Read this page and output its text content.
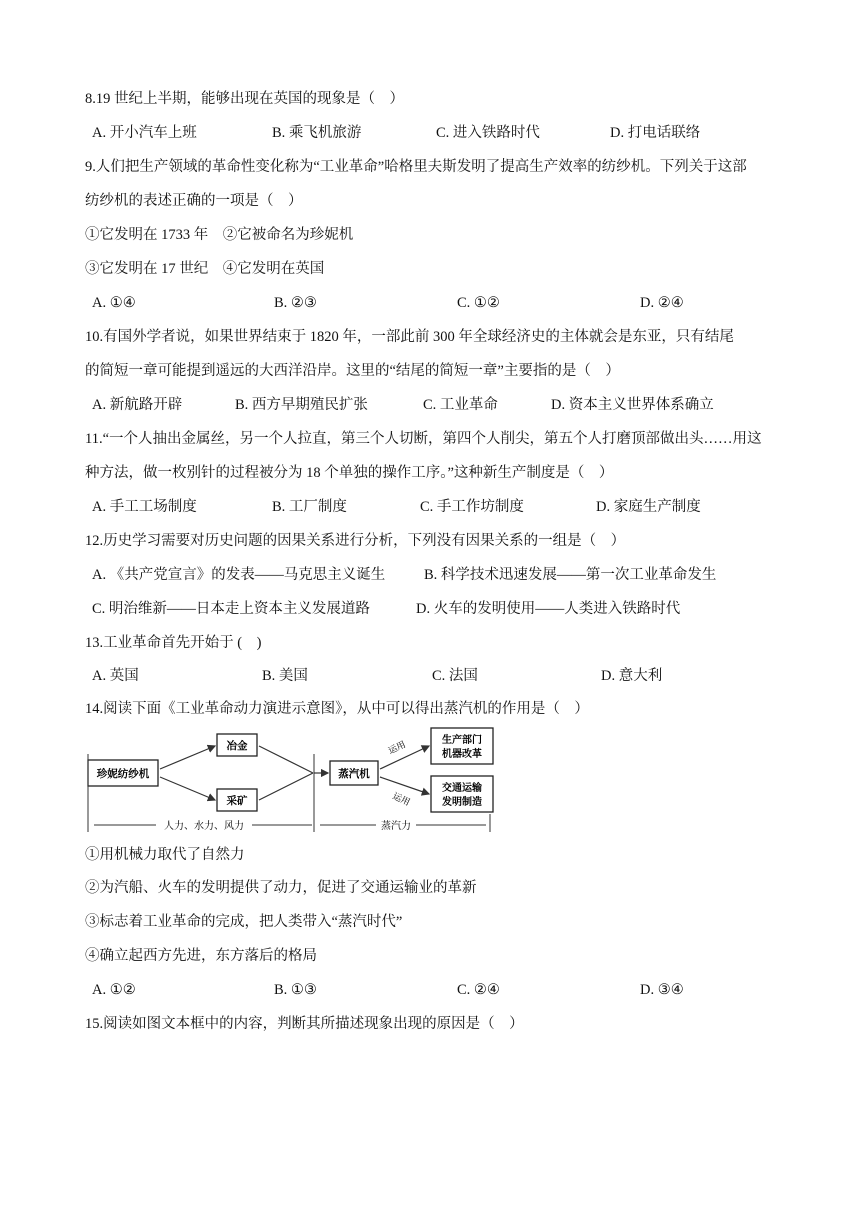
8.19 世纪上半期，能够出现在英国的现象是（　）
A. 开小汽车上班	B. 乘飞机旅游	C. 进入铁路时代	D. 打电话联络
9.人们把生产领域的革命性变化称为“工业革命”哈格里夫斯发明了提高生产效率的纺纱机。下列关于这部
纺纱机的表述正确的一项是（　）
①它发明在 1733 年　②它被命名为珍妮机
③它发明在 17 世纪　④它发明在英国
A. ①④	B. ②③	C. ①②	D. ②④
10.有国外学者说，如果世界结束于 1820 年，一部此前 300 年全球经济史的主体就会是东亚，只有结尾
的简短一章可能提到遥远的大西洋沿岸。这里的“结尾的简短一章”主要指的是（　）
A. 新航路开辟	B. 西方早期殖民扩张	C. 工业革命	D. 资本主义世界体系确立
11.“一个人抽出金属丝，另一个人拉直，第三个人切断，第四个人削尖，第五个人打磨顶部做出头……用这
种方法，做一枚别针的过程被分为 18 个单独的操作工序。”这种新生产制度是（　）
A. 手工工场制度	B. 工厂制度	C. 手工作坊制度	D. 家庭生产制度
12.历史学习需要对历史问题的因果关系进行分析，下列没有因果关系的一组是（　）
A. 《共产党宣言》的发表——马克思主义诞生	B. 科学技术迅速发展——第一次工业革命发生
C. 明治维新——日本走上资本主义发展道路	D. 火车的发明使用——人类进入铁路时代
13.工业革命首先开始于 (　)
A. 英国	B. 美国	C. 法国	D. 意大利
14.阅读下面《工业革命动力演进示意图》，从中可以得出蒸汽机的作用是（　）
珍妮纺纱机
冶金
采矿
蒸汽机
生产部门
机器改革
交通运输
发明制造
运用
运用
人力、水力、风力	蒸汽力
①用机械力取代了自然力
②为汽船、火车的发明提供了动力，促进了交通运输业的革新
③标志着工业革命的完成，把人类带入“蒸汽时代”
④确立起西方先进，东方落后的格局
A. ①②	B. ①③	C. ②④	D. ③④
15.阅读如图文本框中的内容，判断其所描述现象出现的原因是（　）
